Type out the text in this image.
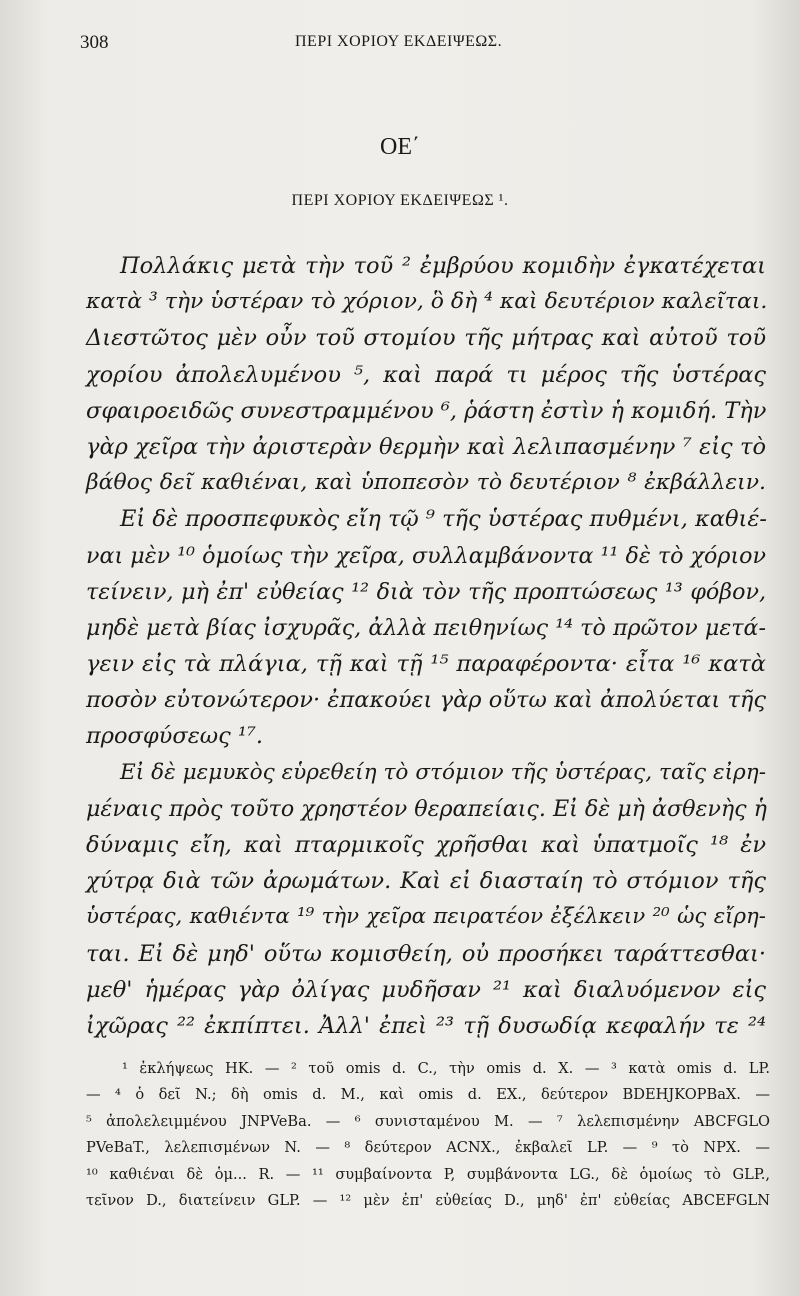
308	ΠΕΡΙ ΧΟΡΙΟΥ ΕΚΔΕΙΨΕΩΣ.
ΟΕ΄
ΠΕΡΙ ΧΟΡΙΟΥ ΕΚΔΕΙΨΕΩΣ ¹.
Πολλάκις μετὰ τὴν τοῦ ² ἐμβρύου κομιδὴν ἐγκατέχεται
κατὰ ³ τὴν ὑστέραν τὸ χόριον, ὃ δὴ ⁴ καὶ δευτέριον καλεῖται.
Διεστῶτος μὲν οὖν τοῦ στομίου τῆς μήτρας καὶ αὐτοῦ τοῦ
χορίου ἀπολελυμένου ⁵, καὶ παρά τι μέρος τῆς ὑστέρας
σφαιροειδῶς συνεστραμμένου ⁶, ῥάστη ἐστὶν ἡ κομιδή. Τὴν
γὰρ χεῖρα τὴν ἀριστερὰν θερμὴν καὶ λελιπασμένην ⁷ εἰς τὸ
βάθος δεῖ καθιέναι, καὶ ὑποπεσὸν τὸ δευτέριον ⁸ ἐκβάλλειν.
Εἰ δὲ προσπεφυκὸς εἴη τῷ ⁹ τῆς ὑστέρας πυθμένι, καθιέ-
ναι μὲν ¹⁰ ὁμοίως τὴν χεῖρα, συλλαμβάνοντα ¹¹ δὲ τὸ χόριον
τείνειν, μὴ ἐπ' εὐθείας ¹² διὰ τὸν τῆς προπτώσεως ¹³ φόβον,
μηδὲ μετὰ βίας ἰσχυρᾶς, ἀλλὰ πειθηνίως ¹⁴ τὸ πρῶτον μετά-
γειν εἰς τὰ πλάγια, τῇ καὶ τῇ ¹⁵ παραφέροντα· εἶτα ¹⁶ κατὰ
ποσὸν εὐτονώτερον· ἐπακούει γὰρ οὕτω καὶ ἀπολύεται τῆς
προσφύσεως ¹⁷.
Εἰ δὲ μεμυκὸς εὑρεθείη τὸ στόμιον τῆς ὑστέρας, ταῖς εἰρη-
μέναις πρὸς τοῦτο χρηστέον θεραπείαις. Εἰ δὲ μὴ ἀσθενὴς ἡ
δύναμις εἴη, καὶ πταρμικοῖς χρῆσθαι καὶ ὑπατμοῖς ¹⁸ ἐν
χύτρᾳ διὰ τῶν ἀρωμάτων. Καὶ εἰ διασταίη τὸ στόμιον τῆς
ὑστέρας, καθιέντα ¹⁹ τὴν χεῖρα πειρατέον ἐξέλκειν ²⁰ ὡς εἴρη-
ται. Εἰ δὲ μηδ' οὕτω κομισθείη, οὐ προσήκει ταράττεσθαι·
μεθ' ἡμέρας γὰρ ὀλίγας μυδῆσαν ²¹ καὶ διαλυόμενον εἰς
ἰχῶρας ²² ἐκπίπτει. Ἀλλ' ἐπεὶ ²³ τῇ δυσωδίᾳ κεφαλήν τε ²⁴
¹ ἐκλήψεως HK. — ² τοῦ omis d. C., τὴν omis d. X. — ³ κατὰ omis d. LP.
— ⁴ ὁ δεῖ N.; δὴ omis d. M., καὶ omis d. EX., δεύτερον BDEHJKOPBaX. —
⁵ ἀπολελειμμένου JNPVeBa. — ⁶ συνισταμένου M. — ⁷ λελεπισμένην ABCFGLO
PVeBaT., λελεπισμένων N. — ⁸ δεύτερον ACNX., ἐκβαλεῖ LP. — ⁹ τὸ NPX. —
¹⁰ καθιέναι δὲ ὁμ... R. — ¹¹ συμβαίνοντα P, συμβάνοντα LG., δὲ ὁμοίως τὸ GLP.,
τεῖνον D., διατείνειν GLP. — ¹² μὲν ἐπ' εὐθείας D., μηδ' ἐπ' εὐθείας ABCEFGLN
